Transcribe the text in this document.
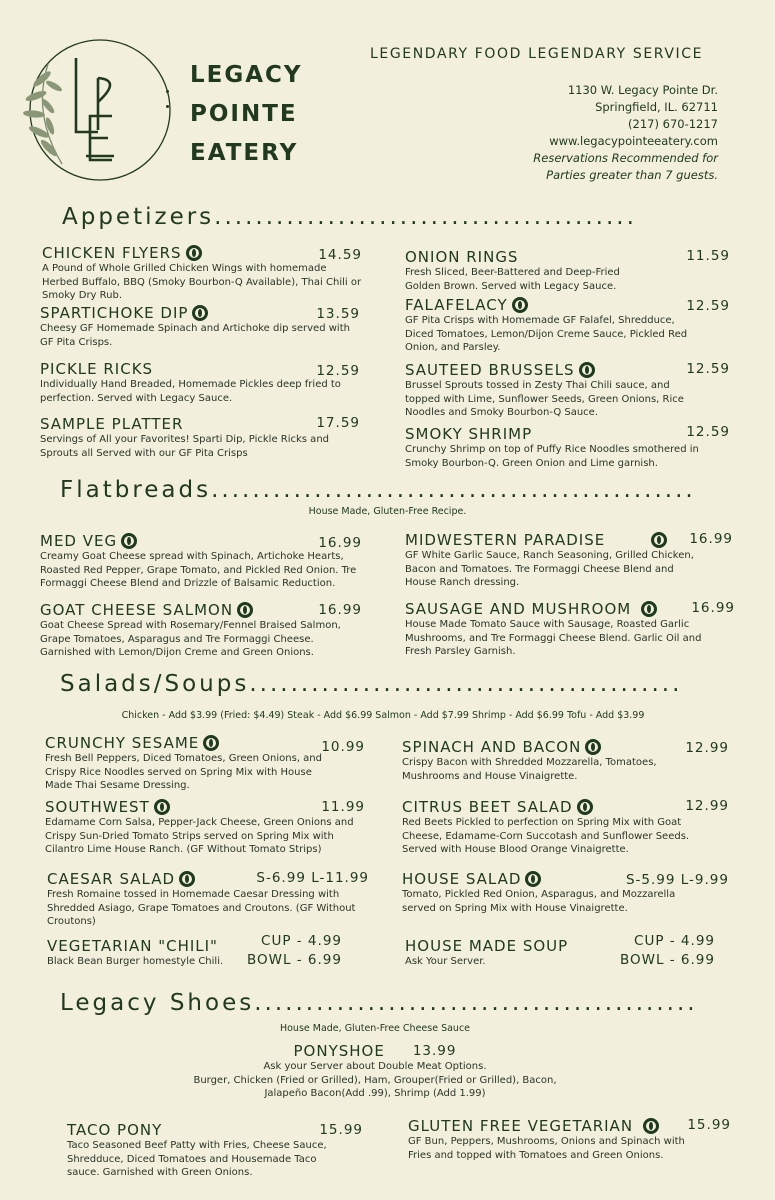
LEGACY
POINTE
EATERY
LEGENDARY FOOD LEGENDARY SERVICE
1130 W. Legacy Pointe Dr.
Springfield, IL. 62711
(217) 670-1217
www.legacypointeeatery.com
Reservations Recommended for
Parties greater than 7 guests.
Appetizers.........................................
CHICKEN FLYERS	14.59
A Pound of Whole Grilled Chicken Wings with homemade Herbed Buffalo, BBQ (Smoky Bourbon-Q Available), Thai Chili or Smoky Dry Rub.
SPARTICHOKE DIP	13.59
Cheesy GF Homemade Spinach and Artichoke dip served with GF Pita Crisps.
PICKLE RICKS	12.59
Individually Hand Breaded, Homemade Pickles deep fried to perfection. Served with Legacy Sauce.
SAMPLE PLATTER	17.59
Servings of All your Favorites! Sparti Dip, Pickle Ricks and Sprouts all Served with our GF Pita Crisps
ONION RINGS	11.59
Fresh Sliced, Beer-Battered and Deep-Fried Golden Brown. Served with Legacy Sauce.
FALAFELACY	12.59
GF Pita Crisps with Homemade GF Falafel, Shredduce, Diced Tomatoes, Lemon/Dijon Creme Sauce, Pickled Red Onion, and Parsley.
SAUTEED BRUSSELS	12.59
Brussel Sprouts tossed in Zesty Thai Chili sauce, and topped with Lime, Sunflower Seeds, Green Onions, Rice Noodles and Smoky Bourbon-Q Sauce.
SMOKY SHRIMP	12.59
Crunchy Shrimp on top of Puffy Rice Noodles smothered in Smoky Bourbon-Q. Green Onion and Lime garnish.
Flatbreads...............................................
House Made, Gluten-Free Recipe.
MED VEG	16.99
Creamy Goat Cheese spread with Spinach, Artichoke Hearts, Roasted Red Pepper, Grape Tomato, and Pickled Red Onion. Tre Formaggi Cheese Blend and Drizzle of Balsamic Reduction.
GOAT CHEESE SALMON	16.99
Goat Cheese Spread with Rosemary/Fennel Braised Salmon, Grape Tomatoes, Asparagus and Tre Formaggi Cheese. Garnished with Lemon/Dijon Creme and Green Onions.
MIDWESTERN PARADISE	16.99
GF White Garlic Sauce, Ranch Seasoning, Grilled Chicken, Bacon and Tomatoes. Tre Formaggi Cheese Blend and House Ranch dressing.
SAUSAGE AND MUSHROOM	16.99
House Made Tomato Sauce with Sausage, Roasted Garlic Mushrooms, and Tre Formaggi Cheese Blend. Garlic Oil and Fresh Parsley Garnish.
Salads/Soups..........................................
Chicken - Add $3.99 (Fried: $4.49) Steak - Add $6.99 Salmon - Add $7.99 Shrimp - Add $6.99 Tofu - Add $3.99
CRUNCHY SESAME	10.99
Fresh Bell Peppers, Diced Tomatoes, Green Onions, and Crispy Rice Noodles served on Spring Mix with House Made Thai Sesame Dressing.
SOUTHWEST	11.99
Edamame Corn Salsa, Pepper-Jack Cheese, Green Onions and Crispy Sun-Dried Tomato Strips served on Spring Mix with Cilantro Lime House Ranch. (GF Without Tomato Strips)
CAESAR SALAD	S-6.99 L-11.99
Fresh Romaine tossed in Homemade Caesar Dressing with Shredded Asiago, Grape Tomatoes and Croutons. (GF Without Croutons)
VEGETARIAN "CHILI"	CUP - 4.99
BOWL - 6.99
Black Bean Burger homestyle Chili.
SPINACH AND BACON	12.99
Crispy Bacon with Shredded Mozzarella, Tomatoes, Mushrooms and House Vinaigrette.
CITRUS BEET SALAD	12.99
Red Beets Pickled to perfection on Spring Mix with Goat Cheese, Edamame-Corn Succotash and Sunflower Seeds. Served with House Blood Orange Vinaigrette.
HOUSE SALAD	S-5.99 L-9.99
Tomato, Pickled Red Onion, Asparagus, and Mozzarella served on Spring Mix with House Vinaigrette.
HOUSE MADE SOUP	CUP - 4.99
BOWL - 6.99
Ask Your Server.
Legacy Shoes...........................................
House Made, Gluten-Free Cheese Sauce
PONYSHOE 13.99
Ask your Server about Double Meat Options.
Burger, Chicken (Fried or Grilled), Ham, Grouper(Fried or Grilled), Bacon,
Jalapeño Bacon(Add .99), Shrimp (Add 1.99)
TACO PONY	15.99
Taco Seasoned Beef Patty with Fries, Cheese Sauce, Shredduce, Diced Tomatoes and Housemade Taco sauce. Garnished with Green Onions.
GLUTEN FREE VEGETARIAN	15.99
GF Bun, Peppers, Mushrooms, Onions and Spinach with Fries and topped with Tomatoes and Green Onions.
